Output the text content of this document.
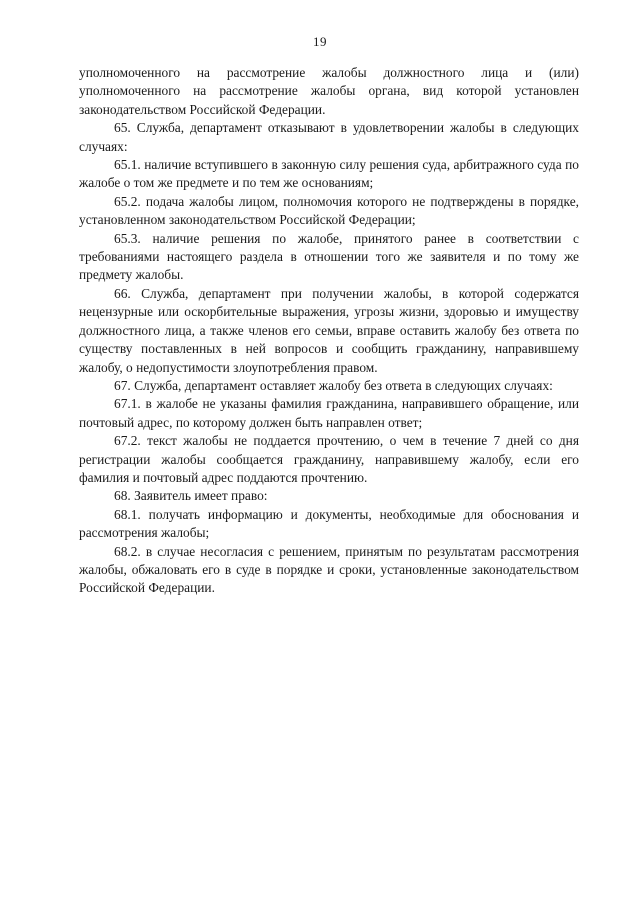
19

уполномоченного на рассмотрение жалобы должностного лица и (или) уполномоченного на рассмотрение жалобы органа, вид которой установлен законодательством Российской Федерации.

65. Служба, департамент отказывают в удовлетворении жалобы в следующих случаях:

65.1. наличие вступившего в законную силу решения суда, арбитражного суда по жалобе о том же предмете и по тем же основаниям;

65.2. подача жалобы лицом, полномочия которого не подтверждены в порядке, установленном законодательством Российской Федерации;

65.3. наличие решения по жалобе, принятого ранее в соответствии с требованиями настоящего раздела в отношении того же заявителя и по тому же предмету жалобы.

66. Служба, департамент при получении жалобы, в которой содержатся нецензурные или оскорбительные выражения, угрозы жизни, здоровью и имуществу должностного лица, а также членов его семьи, вправе оставить жалобу без ответа по существу поставленных в ней вопросов и сообщить гражданину, направившему жалобу, о недопустимости злоупотребления правом.

67. Служба, департамент оставляет жалобу без ответа в следующих случаях:

67.1. в жалобе не указаны фамилия гражданина, направившего обращение, или почтовый адрес, по которому должен быть направлен ответ;

67.2. текст жалобы не поддается прочтению, о чем в течение 7 дней со дня регистрации жалобы сообщается гражданину, направившему жалобу, если его фамилия и почтовый адрес поддаются прочтению.

68. Заявитель имеет право:

68.1. получать информацию и документы, необходимые для обоснования и рассмотрения жалобы;

68.2. в случае несогласия с решением, принятым по результатам рассмотрения жалобы, обжаловать его в суде в порядке и сроки, установленные законодательством Российской Федерации.
